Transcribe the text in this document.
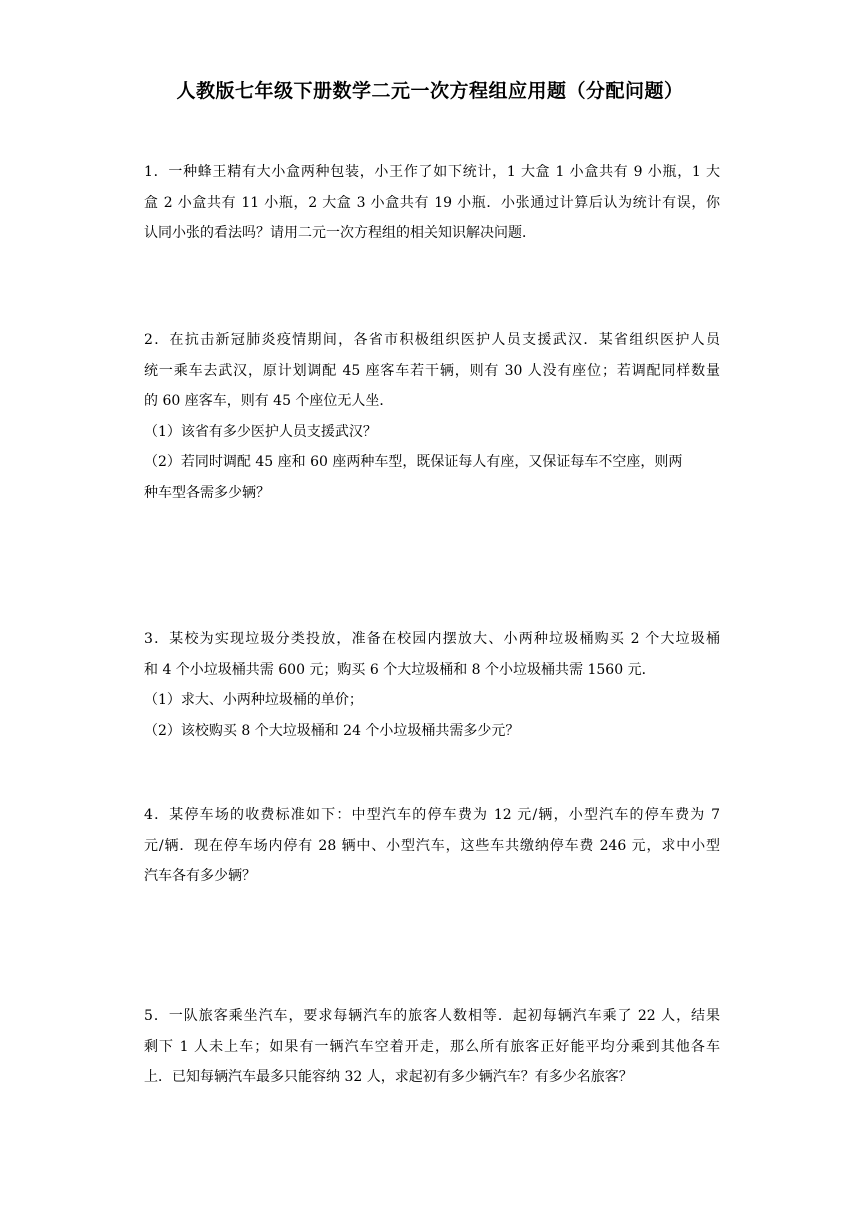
人教版七年级下册数学二元一次方程组应用题（分配问题）
1．一种蜂王精有大小盒两种包装，小王作了如下统计，1 大盒 1 小盒共有 9 小瓶，1 大
盒 2 小盒共有 11 小瓶，2 大盒 3 小盒共有 19 小瓶．小张通过计算后认为统计有误，你
认同小张的看法吗？请用二元一次方程组的相关知识解决问题．
2．在抗击新冠肺炎疫情期间，各省市积极组织医护人员支援武汉．某省组织医护人员
统一乘车去武汉，原计划调配 45 座客车若干辆，则有 30 人没有座位；若调配同样数量
的 60 座客车，则有 45 个座位无人坐．
（1）该省有多少医护人员支援武汉？
（2）若同时调配 45 座和 60 座两种车型，既保证每人有座，又保证每车不空座，则两
种车型各需多少辆？
3．某校为实现垃圾分类投放，准备在校园内摆放大、小两种垃圾桶购买 2 个大垃圾桶
和 4 个小垃圾桶共需 600 元；购买 6 个大垃圾桶和 8 个小垃圾桶共需 1560 元．
（1）求大、小两种垃圾桶的单价；
（2）该校购买 8 个大垃圾桶和 24 个小垃圾桶共需多少元？
4．某停车场的收费标准如下：中型汽车的停车费为 12 元/辆，小型汽车的停车费为 7
元/辆．现在停车场内停有 28 辆中、小型汽车，这些车共缴纳停车费 246 元，求中小型
汽车各有多少辆？
5．一队旅客乘坐汽车，要求每辆汽车的旅客人数相等．起初每辆汽车乘了 22 人，结果
剩下 1 人未上车；如果有一辆汽车空着开走，那么所有旅客正好能平均分乘到其他各车
上．已知每辆汽车最多只能容纳 32 人，求起初有多少辆汽车？有多少名旅客？
